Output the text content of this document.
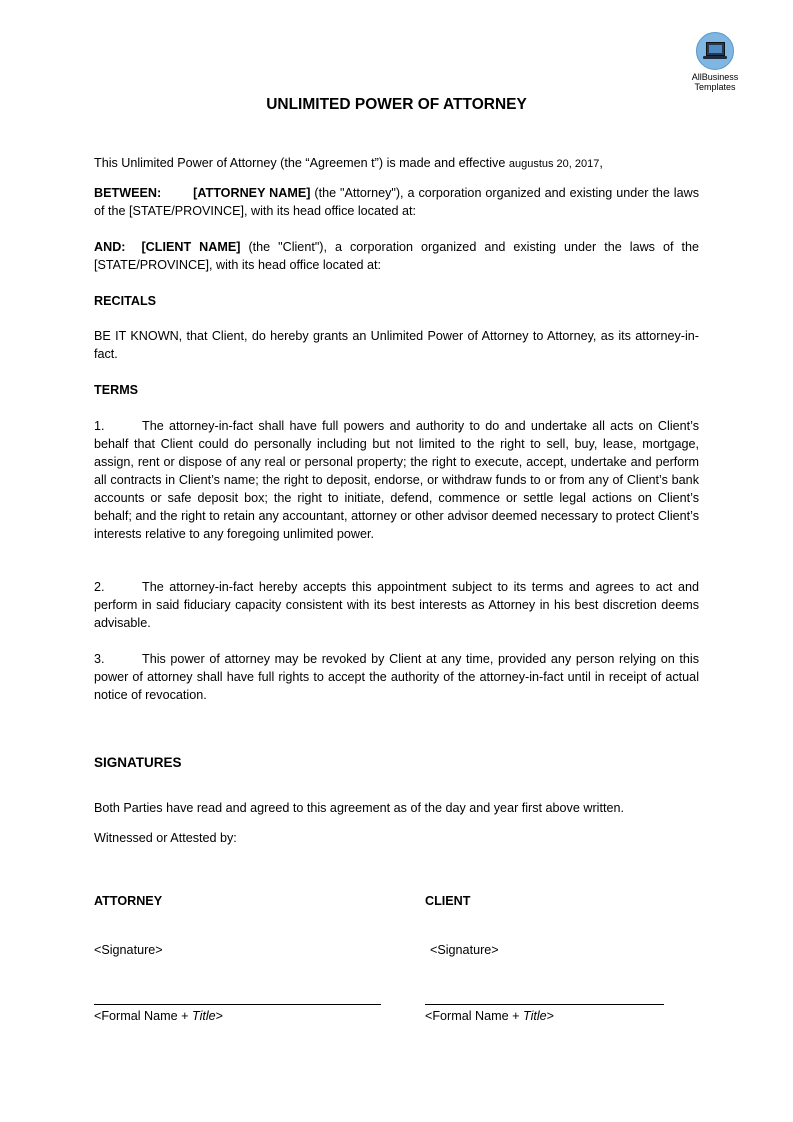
AllBusiness
Templates
UNLIMITED POWER OF ATTORNEY
This Unlimited Power of Attorney (the “Agreemen t”) is made and effective augustus 20, 2017,
BETWEEN:	[ATTORNEY NAME] (the "Attorney"), a corporation organized and existing under the laws of the [STATE/PROVINCE], with its head office located at:
AND: [CLIENT NAME] (the "Client"), a corporation organized and existing under the laws of the [STATE/PROVINCE], with its head office located at:
RECITALS
BE IT KNOWN, that Client, do hereby grants an Unlimited Power of Attorney to Attorney, as its attorney-in-fact.
TERMS
1.	The attorney-in-fact shall have full powers and authority to do and undertake all acts on Client’s behalf that Client could do personally including but not limited to the right to sell, buy, lease, mortgage, assign, rent or dispose of any real or personal property; the right to execute, accept, undertake and perform all contracts in Client’s name; the right to deposit, endorse, or withdraw funds to or from any of Client’s bank accounts or safe deposit box; the right to initiate, defend, commence or settle legal actions on Client’s behalf; and the right to retain any accountant, attorney or other advisor deemed necessary to protect Client’s interests relative to any foregoing unlimited power.
2.	The attorney-in-fact hereby accepts this appointment subject to its terms and agrees to act and perform in said fiduciary capacity consistent with its best interests as Attorney in his best discretion deems advisable.
3.	This power of attorney may be revoked by Client at any time, provided any person relying on this power of attorney shall have full rights to accept the authority of the attorney-in-fact until in receipt of actual notice of revocation.
SIGNATURES
Both Parties have read and agreed to this agreement as of the day and year first above written.
Witnessed or Attested by:
ATTORNEY
<Signature>
<Formal Name + Title>
CLIENT
<Signature>
<Formal Name + Title>
